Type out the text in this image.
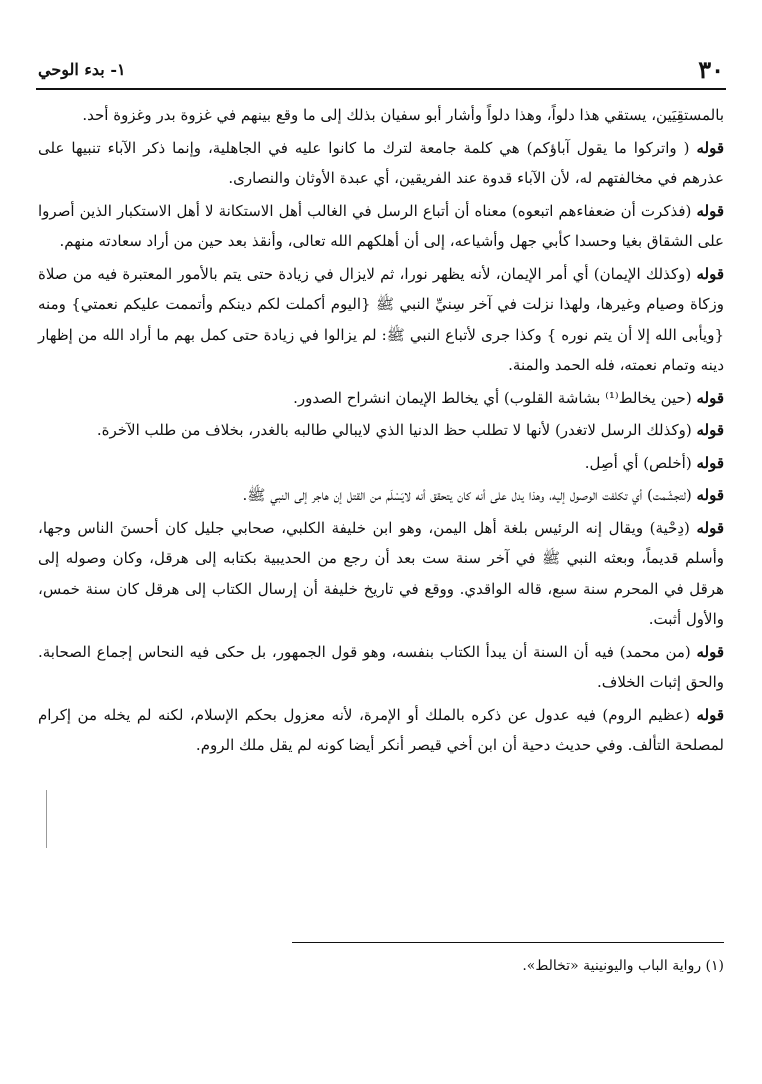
٣٠
١- بدء الوحي

بالمستقِيَين، يستقي هذا دلواً، وهذا دلواً وأشار أبو سفيان بذلك إلى ما وقع بينهم في غزوة بدر وغزوة أحد.

قوله ( واتركوا ما يقول آباؤكم) هي كلمة جامعة لترك ما كانوا عليه في الجاهلية، وإنما ذكر الآباء تنبيها على عذرهم في مخالفتهم له، لأن الآباء قدوة عند الفريقين، أي عبدة الأوثان والنصارى.

قوله (فذكرت أن ضعفاءهم اتبعوه) معناه أن أتباع الرسل في الغالب أهل الاستكانة لا أهل الاستكبار الذين أصروا على الشقاق بغيا وحسدا كأبي جهل وأشياعه، إلى أن أهلكهم الله تعالى، وأنقذ بعد حين من أراد سعادته منهم.

قوله (وكذلك الإيمان) أي أمر الإيمان، لأنه يظهر نورا، ثم لايزال في زيادة حتى يتم بالأمور المعتبرة فيه من صلاة وزكاة وصيام وغيرها، ولهذا نزلت في آخر سِنيِّ النبي ﷺ {اليوم أكملت لكم دينكم وأتممت عليكم نعمتي} ومنه {ويأبى الله إلا أن يتم نوره } وكذا جرى لأتباع النبي ﷺ: لم يزالوا في زيادة حتى كمل بهم ما أراد الله من إظهار دينه وتمام نعمته، فله الحمد والمنة.

قوله (حين يخالط⁽¹⁾ بشاشة القلوب) أي يخالط الإيمان انشراح الصدور.

قوله (وكذلك الرسل لاتغدر) لأنها لا تطلب حظ الدنيا الذي لايبالي طالبه بالغدر، بخلاف من طلب الآخرة.

قوله (أخلص) أي أصِل.

قوله (لتجشّمت) أي تكلفت الوصول إليه، وهذا يدل على أنه كان يتحقق أنه لايَسْلَم من القتل إن هاجر إلى النبي ﷺ.

قوله (دِحْية) ويقال إنه الرئيس بلغة أهل اليمن، وهو ابن خليفة الكلبي، صحابي جليل كان أحسنَ الناس وجها، وأسلم قديماً، وبعثه النبي ﷺ في آخر سنة ست بعد أن رجع من الحديبية بكتابه إلى هرقل، وكان وصوله إلى هرقل في المحرم سنة سبع، قاله الواقدي. ووقع في تاريخ خليفة أن إرسال الكتاب إلى هرقل كان سنة خمس، والأول أثبت.

قوله (من محمد) فيه أن السنة أن يبدأ الكتاب بنفسه، وهو قول الجمهور، بل حكى فيه النحاس إجماع الصحابة. والحق إثبات الخلاف.

قوله (عظيم الروم) فيه عدول عن ذكره بالملك أو الإمرة، لأنه معزول بحكم الإسلام، لكنه لم يخله من إكرام لمصلحة التألف. وفي حديث دحية أن ابن أخي قيصر أنكر أيضا كونه لم يقل ملك الروم.

(١) رواية الباب واليونينية «تخالط».
